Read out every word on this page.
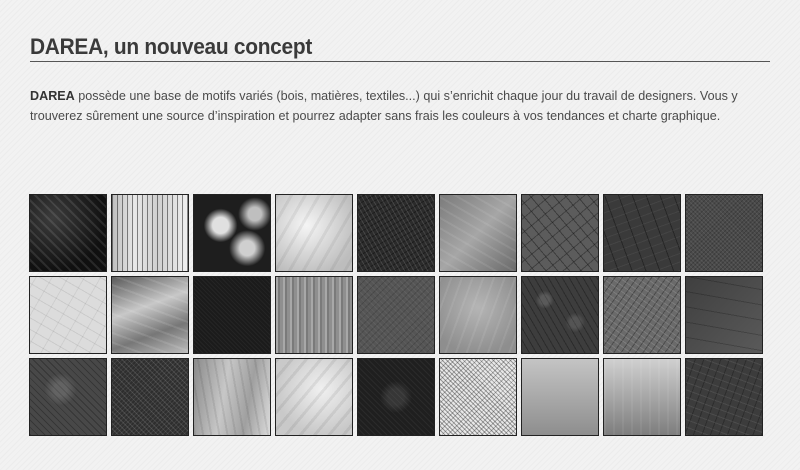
DAREA, un nouveau concept

DAREA possède une base de motifs variés (bois, matières, textiles...) qui s’enrichit chaque jour du travail de designers. Vous y trouverez sûrement une source d’inspiration et pourrez adapter sans frais les couleurs à vos tendances et charte graphique.
